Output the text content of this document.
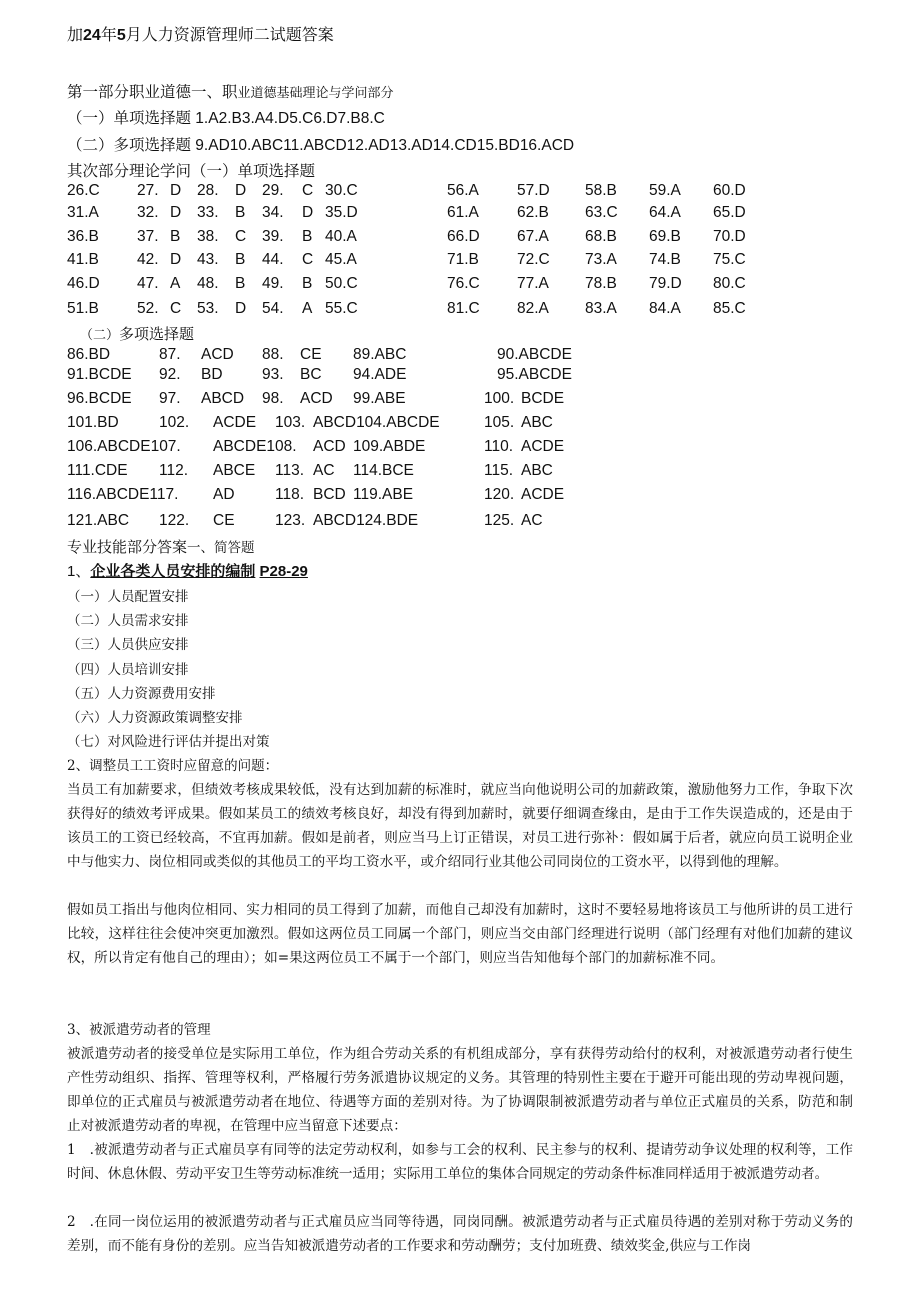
加24年5月人力资源管理师二试题答案
第一部分职业道德一、职业道德基础理论与学问部分
（一）单项选择题 1.A2.B3.A4.D5.C6.D7.B8.C
（二）多项选择题 9.AD10.ABC11.ABCD12.AD13.AD14.CD15.BD16.ACD
其次部分理论学问（一）单项选择题
26.C 27. D 28. D 29. C 30.C	56.A 57.D 58.B 59.A 60.D
31.A 32. D 33. B 34. D 35.D	61.A 62.B 63.C 64.A 65.D
36.B 37. B 38. C 39. B 40.A	66.D 67.A 68.B 69.B 70.D
41.B 42. D 43. B 44. C 45.A	71.B 72.C 73.A 74.B 75.C
46.D 47. A 48. B 49. B 50.C	76.C 77.A 78.B 79.D 80.C
51.B 52. C 53. D 54. A 55.C	81.C 82.A 83.A 84.A 85.C
（二）多项选择题
86.BD	87. ACD 88. CE 89.ABC	90.ABCDE
91.BCDE 92. BD	93. BC 94.ADE	95.ABCDE
96.BCDE 97. ABCD 98. ACD 99.ABE	100. BCDE
101.BD	102. ACDE 103. ABCD104.ABCDE	105. ABC
106.ABCDE107. ABCDE108. ACD 109.ABDE	110. ACDE
111.CDE 112. ABCE 113. AC 114.BCE	115. ABC
116.ABCDE117. AD	118. BCD 119.ABE	120. ACDE
121.ABC 122. CE	123. ABCD124.BDE	125. AC
专业技能部分答案一、简答题
1、企业各类人员安排的编制 P28-29
（一）人员配置安排
（二）人员需求安排
（三）人员供应安排
（四）人员培训安排
（五）人力资源费用安排
（六）人力资源政策调整安排
（七）对风险进行评估并提出对策
2、调整员工工资时应留意的问题：
当员工有加薪要求，但绩效考核成果较低，没有达到加薪的标准时，就应当向他说明公司的加薪政策，激励他努力工作，争取下次获得好的绩效考评成果。假如某员工的绩效考核良好，却没有得到加薪时，就要仔细调查缘由，是由于工作失误造成的，还是由于该员工的工资已经较高，不宜再加薪。假如是前者，则应当马上订正错误，对员工进行弥补：假如属于后者，就应向员工说明企业中与他实力、岗位相同或类似的其他员工的平均工资水平，或介绍同行业其他公司同岗位的工资水平，以得到他的理解。
假如员工指出与他肉位相同、实力相同的员工得到了加薪，而他自己却没有加薪时，这时不要轻易地将该员工与他所讲的员工进行比较，这样往往会使冲突更加激烈。假如这两位员工同属一个部门，则应当交由部门经理进行说明（部门经理有对他们加薪的建议权，所以肯定有他自己的理由）；如=果这两位员工不属于一个部门，则应当告知他每个部门的加薪标准不同。
3、被派遣劳动者的管理
被派遣劳动者的接受单位是实际用工单位，作为组合劳动关系的有机组成部分，享有获得劳动给付的权利，对被派遣劳动者行使生产性劳动组织、指挥、管理等权利，严格履行劳务派遣协议规定的义务。其管理的特别性主要在于避开可能出现的劳动卑视问题，即单位的正式雇员与被派遣劳动者在地位、待遇等方面的差别对待。为了协调限制被派遣劳动者与单位正式雇员的关系，防范和制止对被派遣劳动者的卑视，在管理中应当留意下述要点：
1　.被派遣劳动者与正式雇员享有同等的法定劳动权利，如参与工会的权利、民主参与的权利、提请劳动争议处理的权利等，工作时间、休息休假、劳动平安卫生等劳动标准统一适用；实际用工单位的集体合同规定的劳动条件标准同样适用于被派遣劳动者。
2　.在同一岗位运用的被派遣劳动者与正式雇员应当同等待遇，同岗同酬。被派遣劳动者与正式雇员待遇的差别对称于劳动义务的差别，而不能有身份的差别。应当告知被派遣劳动者的工作要求和劳动酬劳；支付加班费、绩效奖金,供应与工作岗
